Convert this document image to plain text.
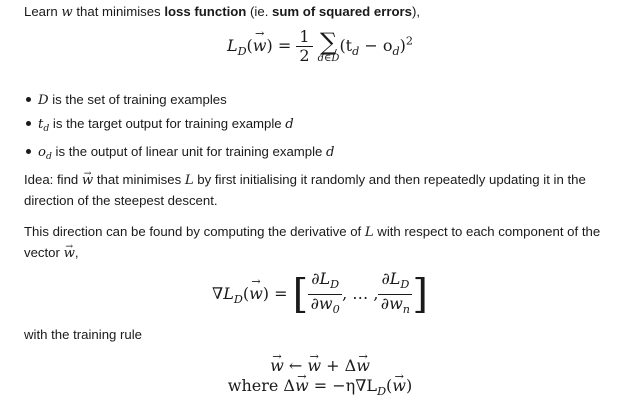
Learn w that minimises loss function (ie. sum of squared errors),
$L_D(w$ →) = $\frac{1}{2}$
∑
d∈D
$(t_d - o_d)^2$
D is the set of training examples
$t_d$ is the target output for training example d
$o_d$ is the output of linear unit for training example d
Idea: find w → that minimises L by first initialising it randomly and then repeatedly updating it in the direction of the steepest descent.
This direction can be found by computing the derivative of L with respect to each component of the vector w →,
$\nabla L_D(w$ →) = [ $\frac{\partial L_D}{\partial w_0}$ , … , $\frac{\partial L_D}{\partial w_n}$ ]
with the training rule
w → ← w → + Δw →
where Δw → = $-\eta\nabla L_D(w$ →)
